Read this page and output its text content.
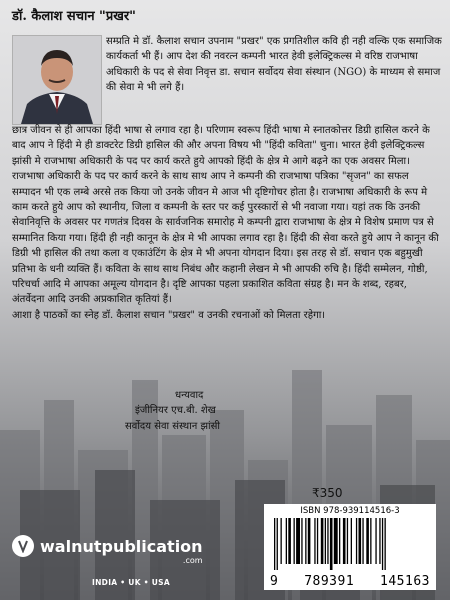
डॉ. कैलाश सचान "प्रखर"
सम्प्रति मे डॉ. कैलाश सचान उपनाम "प्रखर" एक प्रगतिशील कवि ही नही वल्कि एक समाजिक कार्यकर्ता भी हैं। आप देश की नवरत्न कम्पनी भारत हेवी इलेक्ट्रिकल्स मे वरिष्ठ राजभाषा अधिकारी के पद से सेवा निवृत्त डा. सचान सर्वोदय सेवा संस्थान (NGO) के माध्यम से समाज की सेवा मे भी लगे हैं।

छात्र जीवन से ही आपका हिंदी भाषा से लगाव रहा है। परिणाम स्वरूप हिंदी भाषा मे स्नातकोत्तर डिग्री हासिल करने के बाद आप ने हिंदी मे ही डाक्टरेट डिग्री हासिल की और अपना विषय भी "हिंदी कविता" चुना। भारत हेवी इलेक्ट्रिकल्स झांसी मे राजभाषा अधिकारी के पद पर कार्य करते हुये आपको हिंदी के क्षेत्र मे आगे बढ़ने का एक अवसर मिला। राजभाषा अधिकारी के पद पर कार्य करने के साथ साथ आप ने कम्पनी की राजभाषा पत्रिका "सृजन" का सफल सम्पादन भी एक लम्बे अरसे तक किया जो उनके जीवन मे आज भी दृष्टिगोचर होता है। राजभाषा अधिकारी के रूप मे काम करते हुये आप को स्थानीय, जिला व कम्पनी के स्तर पर कई पुरस्कारों से भी नवाजा गया। यहां तक कि उनकी सेवानिवृत्ति के अवसर पर गणतंत्र दिवस के सार्वजनिक समारोह मे कम्पनी द्वारा राजभाषा के क्षेत्र मे विशेष प्रमाण पत्र से सम्मानित किया गया। हिंदी ही नही कानून के क्षेत्र मे भी आपका लगाव रहा है। हिंदी की सेवा करते हुये आप ने कानून की डिग्री भी हासिल की तथा कला व एकाउंटिंग के क्षेत्र मे भी अपना योगदान दिया। इस तरह से डॉ. सचान एक बहुमुखी प्रतिभा के धनी व्यक्ति हैं। कविता के साथ साथ निबंध और कहानी लेखन मे भी आपकी रुचि है। हिंदी सम्मेलन, गोष्ठी, परिचर्चा आदि मे आपका अमूल्य योगदान है। दृष्टि आपका पहला प्रकाशित कविता संग्रह है। मन के शब्द, रहबर, अंतर्वेदना आदि उनकी अप्रकाशित कृतियां हैं।

आशा है पाठकों का स्नेह डॉ. कैलाश सचान "प्रखर" व उनकी रचनाओं को मिलता रहेगा।

धन्यवाद
इंजीनियर एच.बी. शेख
सर्वोदय सेवा संस्थान झांसी
₹350
ISBN 978-939114516-3
9 789391 145163
walnutpublication
.com
INDIA • UK • USA
